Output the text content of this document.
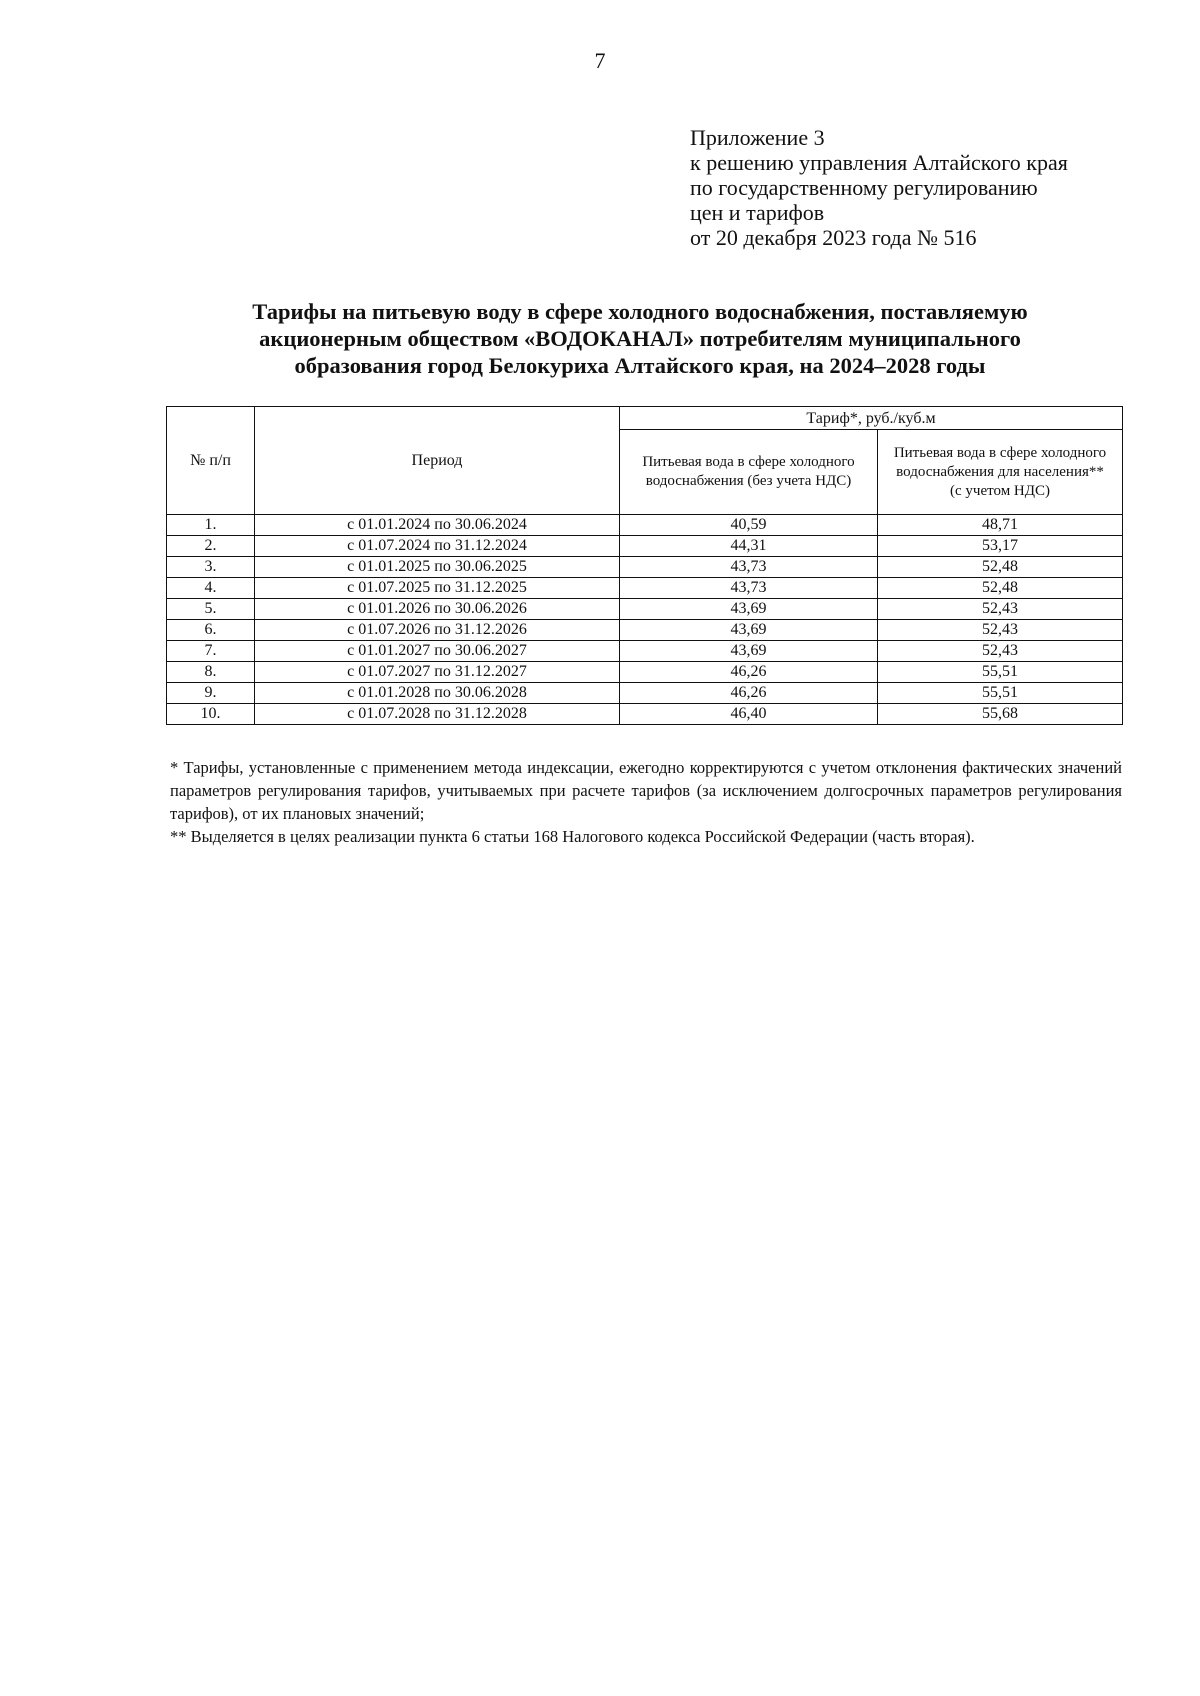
7
Приложение 3
к решению управления Алтайского края
по государственному регулированию
цен и тарифов
от 20 декабря 2023 года № 516
Тарифы на питьевую воду в сфере холодного водоснабжения, поставляемую
акционерным обществом «ВОДОКАНАЛ» потребителям муниципального
образования город Белокуриха Алтайского края, на 2024–2028 годы
№ п/п	Период	Тариф*, руб./куб.м	
		Питьевая вода в сфере холодного водоснабжения (без учета НДС)	Питьевая вода в сфере холодного водоснабжения для населения**
(с учетом НДС)

1.	с 01.01.2024 по 30.06.2024	40,59	48,71
2.	с 01.07.2024 по 31.12.2024	44,31	53,17
3.	с 01.01.2025 по 30.06.2025	43,73	52,48
4.	с 01.07.2025 по 31.12.2025	43,73	52,48
5.	с 01.01.2026 по 30.06.2026	43,69	52,43
6.	с 01.07.2026 по 31.12.2026	43,69	52,43
7.	с 01.01.2027 по 30.06.2027	43,69	52,43
8.	с 01.07.2027 по 31.12.2027	46,26	55,51
9.	с 01.01.2028 по 30.06.2028	46,26	55,51
10.	с 01.07.2028 по 31.12.2028	46,40	55,68

* Тарифы, установленные с применением метода индексации, ежегодно корректируются с учетом отклонения фактических значений параметров регулирования тарифов, учитываемых при расчете тарифов (за исключением долгосрочных параметров регулирования тарифов), от их плановых значений;

** Выделяется в целях реализации пункта 6 статьи 168 Налогового кодекса Российской Федерации (часть вторая).
